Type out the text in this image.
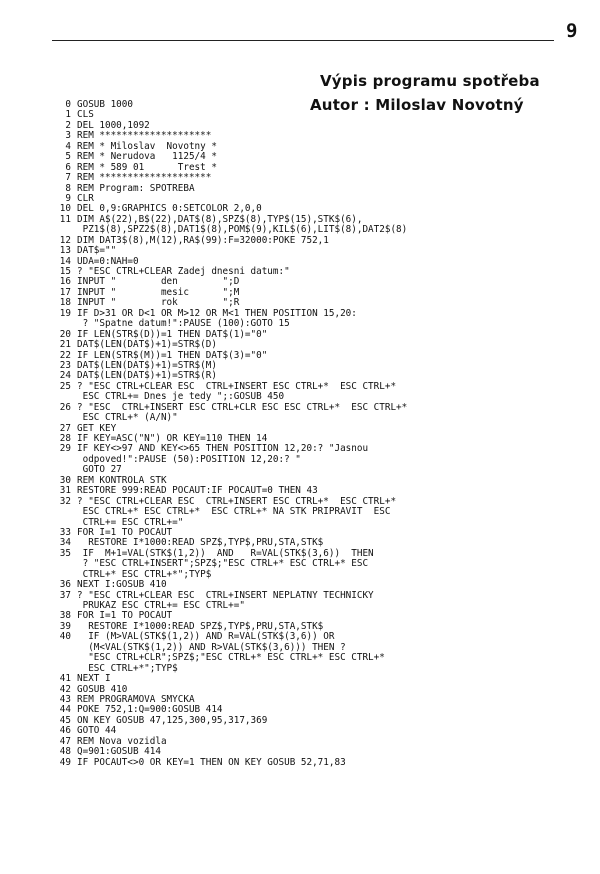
9
Výpis programu spotřeba
Autor : Miloslav Novotný
0 GOSUB 1000
1 CLS
2 DEL 1000,1092
3 REM ********************
4 REM * Miloslav  Novotny *
5 REM * Nerudova   1125/4 *
6 REM * 589 01      Trest *
7 REM ********************
8 REM Program: SPOTREBA
9 CLR
10 DEL 0,9:GRAPHICS 0:SETCOLOR 2,0,0
11 DIM A$(22),B$(22),DAT$(8),SPZ$(8),TYP$(15),STK$(6),
PZ1$(8),SPZ2$(8),DAT1$(8),POM$(9),KIL$(6),LIT$(8),DAT2$(8)
12 DIM DAT3$(8),M(12),RA$(99):F=32000:POKE 752,1
13 DAT$=""
14 UDA=0:NAH=0
15 ? "ESC CTRL+CLEAR Zadej dnesni datum:"
16 INPUT "        den        ";D
17 INPUT "        mesic      ";M
18 INPUT "        rok        ";R
19 IF D>31 OR D<1 OR M>12 OR M<1 THEN POSITION 15,20:
? "Spatne datum!":PAUSE (100):GOTO 15
20 IF LEN(STR$(D))=1 THEN DAT$(1)="0"
21 DAT$(LEN(DAT$)+1)=STR$(D)
22 IF LEN(STR$(M))=1 THEN DAT$(3)="0"
23 DAT$(LEN(DAT$)+1)=STR$(M)
24 DAT$(LEN(DAT$)+1)=STR$(R)
25 ? "ESC CTRL+CLEAR ESC  CTRL+INSERT ESC CTRL+*  ESC CTRL+*
ESC CTRL+= Dnes je tedy ";:GOSUB 450
26 ? "ESC  CTRL+INSERT ESC CTRL+CLR ESC ESC CTRL+*  ESC CTRL+*
ESC CTRL+* (A/N)"
27 GET KEY
28 IF KEY=ASC("N") OR KEY=110 THEN 14
29 IF KEY<>97 AND KEY<>65 THEN POSITION 12,20:? "Jasnou
odpoved!":PAUSE (50):POSITION 12,20:? "
GOTO 27
30 REM KONTROLA STK
31 RESTORE 999:READ POCAUT:IF POCAUT=0 THEN 43
32 ? "ESC CTRL+CLEAR ESC  CTRL+INSERT ESC CTRL+*  ESC CTRL+*
ESC CTRL+* ESC CTRL+*  ESC CTRL+* NA STK PRIPRAVIT  ESC
CTRL+= ESC CTRL+="
33 FOR I=1 TO POCAUT
34 RESTORE I*1000:READ SPZ$,TYP$,PRU,STA,STK$
35 IF  M+1=VAL(STK$(1,2))  AND   R=VAL(STK$(3,6))  THEN
? "ESC CTRL+INSERT";SPZ$;"ESC CTRL+* ESC CTRL+* ESC
CTRL+* ESC CTRL+*";TYP$
36 NEXT I:GOSUB 410
37 ? "ESC CTRL+CLEAR ESC  CTRL+INSERT NEPLATNY TECHNICKY
PRUKAZ ESC CTRL+= ESC CTRL+="
38 FOR I=1 TO POCAUT
39 RESTORE I*1000:READ SPZ$,TYP$,PRU,STA,STK$
40 IF (M>VAL(STK$(1,2)) AND R=VAL(STK$(3,6)) OR
(M<VAL(STK$(1,2)) AND R>VAL(STK$(3,6))) THEN ?
"ESC CTRL+CLR";SPZ$;"ESC CTRL+* ESC CTRL+* ESC CTRL+*
ESC CTRL+*";TYP$
41 NEXT I
42 GOSUB 410
43 REM PROGRAMOVA SMYCKA
44 POKE 752,1:Q=900:GOSUB 414
45 ON KEY GOSUB 47,125,300,95,317,369
46 GOTO 44
47 REM Nova vozidla
48 Q=901:GOSUB 414
49 IF POCAUT<>0 OR KEY=1 THEN ON KEY GOSUB 52,71,83
